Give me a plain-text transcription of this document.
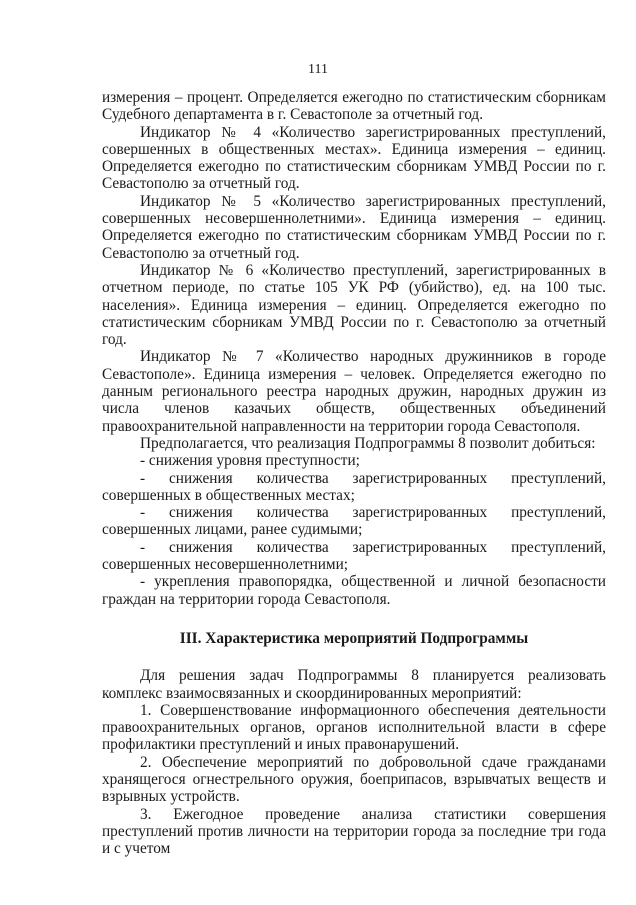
111

измерения – процент. Определяется ежегодно по статистическим сборникам Судебного департамента в г. Севастополе за отчетный год.

Индикатор № 4 «Количество зарегистрированных преступлений, совершенных в общественных местах». Единица измерения – единиц. Определяется ежегодно по статистическим сборникам УМВД России по г. Севастополю за отчетный год.

Индикатор № 5 «Количество зарегистрированных преступлений, совершенных несовершеннолетними». Единица измерения – единиц. Определяется ежегодно по статистическим сборникам УМВД России по г. Севастополю за отчетный год.

Индикатор № 6 «Количество преступлений, зарегистрированных в отчетном периоде, по статье 105 УК РФ (убийство), ед. на 100 тыс. населения». Единица измерения – единиц. Определяется ежегодно по статистическим сборникам УМВД России по г. Севастополю за отчетный год.

Индикатор № 7 «Количество народных дружинников в городе Севастополе». Единица измерения – человек. Определяется ежегодно по данным регионального реестра народных дружин, народных дружин из числа членов казачьих обществ, общественных объединений правоохранительной направленности на территории города Севастополя.

Предполагается, что реализация Подпрограммы 8 позволит добиться:

- снижения уровня преступности;

- снижения количества зарегистрированных преступлений, совершенных в общественных местах;

- снижения количества зарегистрированных преступлений, совершенных лицами, ранее судимыми;

- снижения количества зарегистрированных преступлений, совершенных несовершеннолетними;

- укрепления правопорядка, общественной и личной безопасности граждан на территории города Севастополя.

III. Характеристика мероприятий Подпрограммы

Для решения задач Подпрограммы 8 планируется реализовать комплекс взаимосвязанных и скоординированных мероприятий:

1. Совершенствование информационного обеспечения деятельности правоохранительных органов, органов исполнительной власти в сфере профилактики преступлений и иных правонарушений.

2. Обеспечение мероприятий по добровольной сдаче гражданами хранящегося огнестрельного оружия, боеприпасов, взрывчатых веществ и взрывных устройств.

3. Ежегодное проведение анализа статистики совершения преступлений против личности на территории города за последние три года и с учетом
